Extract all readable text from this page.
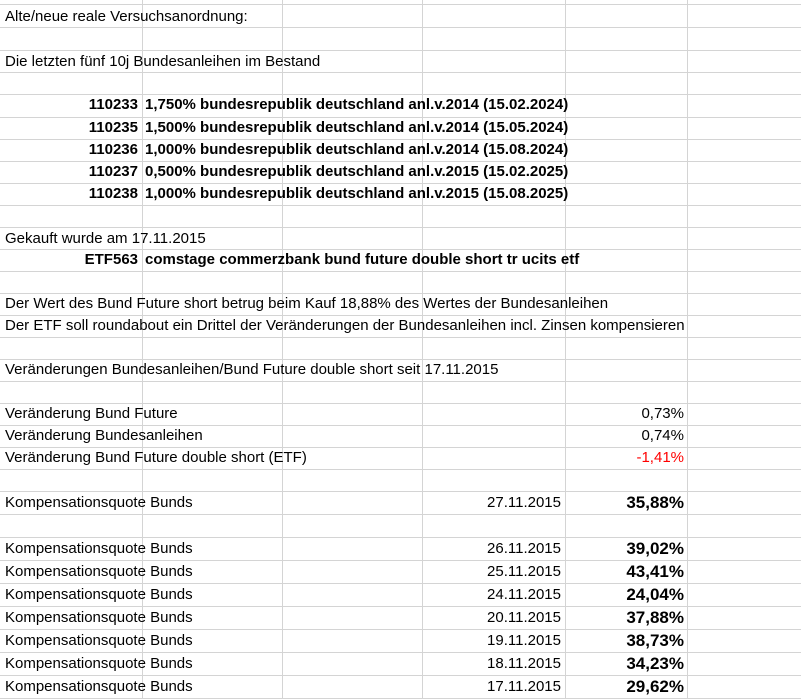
Alte/neue reale Versuchsanordnung:
Die letzten fünf 10j Bundesanleihen im Bestand
110233 1,750% bundesrepublik deutschland anl.v.2014 (15.02.2024)
110235 1,500% bundesrepublik deutschland anl.v.2014 (15.05.2024)
110236 1,000% bundesrepublik deutschland anl.v.2014 (15.08.2024)
110237 0,500% bundesrepublik deutschland anl.v.2015 (15.02.2025)
110238 1,000% bundesrepublik deutschland anl.v.2015 (15.08.2025)
Gekauft wurde am 17.11.2015
ETF563 comstage commerzbank bund future double short tr ucits etf
Der Wert des Bund Future short betrug beim Kauf 18,88% des Wertes der Bundesanleihen
Der ETF soll roundabout ein Drittel der Veränderungen der Bundesanleihen incl. Zinsen kompensieren
Veränderungen Bundesanleihen/Bund Future double short seit 17.11.2015
Veränderung Bund Future	0,73%
Veränderung Bundesanleihen	0,74%
Veränderung Bund Future double short (ETF)	-1,41%
Kompensationsquote Bunds	27.11.2015	35,88%
Kompensationsquote Bunds	26.11.2015	39,02%
Kompensationsquote Bunds	25.11.2015	43,41%
Kompensationsquote Bunds	24.11.2015	24,04%
Kompensationsquote Bunds	20.11.2015	37,88%
Kompensationsquote Bunds	19.11.2015	38,73%
Kompensationsquote Bunds	18.11.2015	34,23%
Kompensationsquote Bunds	17.11.2015	29,62%
